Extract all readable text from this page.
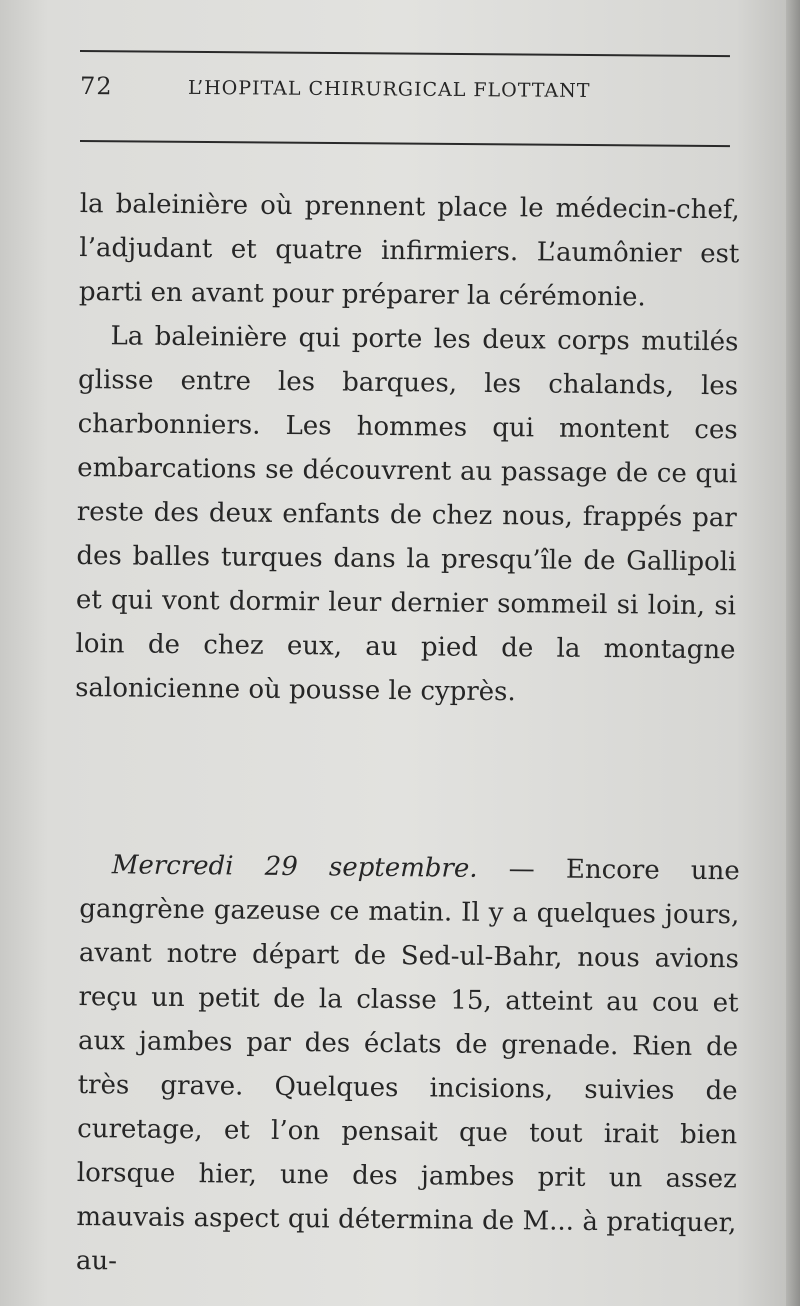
72	L’HOPITAL CHIRURGICAL FLOTTANT

la baleinière où prennent place le médecin-chef, l’adjudant et quatre infirmiers. L’aumônier est parti en avant pour préparer la cérémonie.

La baleinière qui porte les deux corps mutilés glisse entre les barques, les chalands, les charbonniers. Les hommes qui montent ces embarcations se découvrent au passage de ce qui reste des deux enfants de chez nous, frappés par des balles turques dans la presqu’île de Gallipoli et qui vont dormir leur dernier sommeil si loin, si loin de chez eux, au pied de la montagne salonicienne où pousse le cyprès.

Mercredi 29 septembre. — Encore une gangrène gazeuse ce matin. Il y a quelques jours, avant notre départ de Sed-ul-Bahr, nous avions reçu un petit de la classe 15, atteint au cou et aux jambes par des éclats de grenade. Rien de très grave. Quelques incisions, suivies de curetage, et l’on pensait que tout irait bien lorsque hier, une des jambes prit un assez mauvais aspect qui détermina de M... à pratiquer, au-
